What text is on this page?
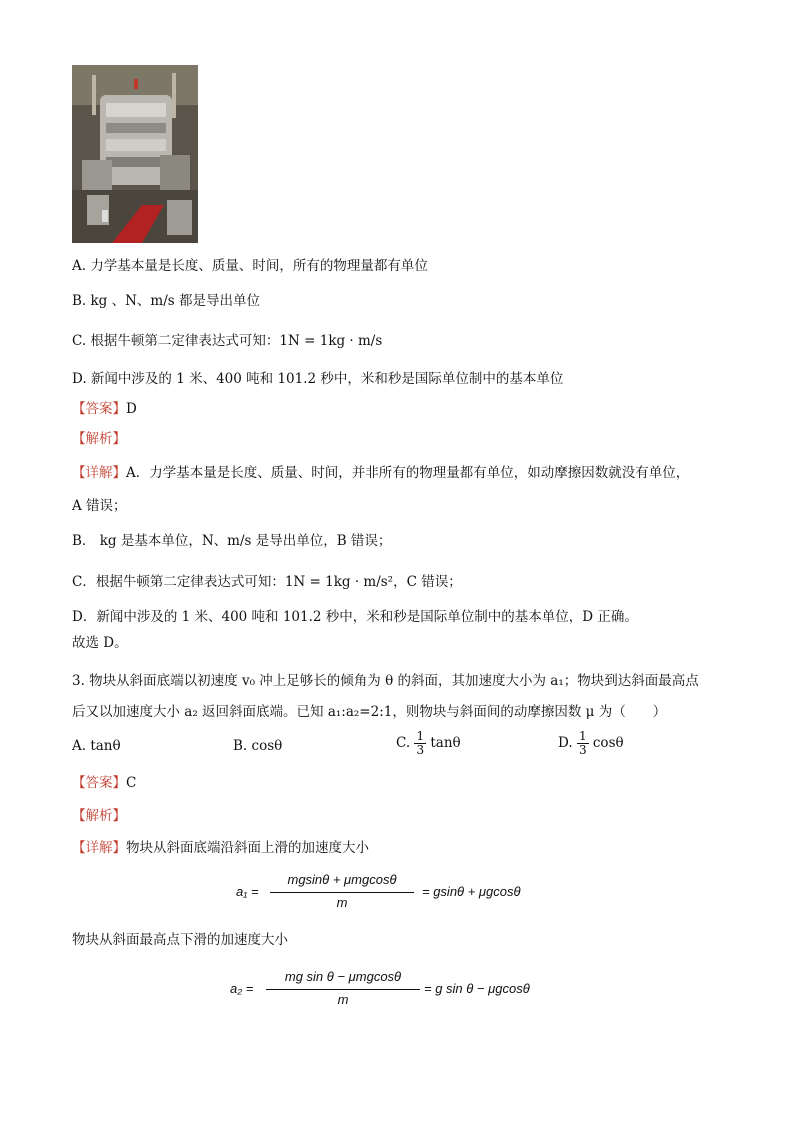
A. 力学基本量是长度、质量、时间，所有的物理量都有单位
B. kg 、N、m/s 都是导出单位
C. 根据牛顿第二定律表达式可知：1N = 1kg · m/s
D. 新闻中涉及的 1 米、400 吨和 101.2 秒中，米和秒是国际单位制中的基本单位
【答案】D
【解析】
【详解】A．力学基本量是长度、质量、时间，并非所有的物理量都有单位，如动摩擦因数就没有单位，
A 错误；
B． kg 是基本单位，N、m/s 是导出单位，B 错误；
C．根据牛顿第二定律表达式可知：1N = 1kg · m/s²，C 错误；
D．新闻中涉及的 1 米、400 吨和 101.2 秒中，米和秒是国际单位制中的基本单位，D 正确。
故选 D。
3. 物块从斜面底端以初速度 v₀ 冲上足够长的倾角为 θ 的斜面，其加速度大小为 a₁；物块到达斜面最高点
后又以加速度大小 a₂ 返回斜面底端。已知 a₁:a₂=2:1，则物块与斜面间的动摩擦因数 μ 为（　　）
A. tanθ	B. cosθ	C. $\frac{1}{3}$ tanθ	D. $\frac{1}{3}$ cosθ
【答案】C
【解析】
【详解】物块从斜面底端沿斜面上滑的加速度大小
a₁ =
mgsinθ + μmgcosθ
m
= gsinθ + μgcosθ
物块从斜面最高点下滑的加速度大小
a₂ =
mg sin θ − μmgcosθ
m
= g sin θ − μgcosθ
